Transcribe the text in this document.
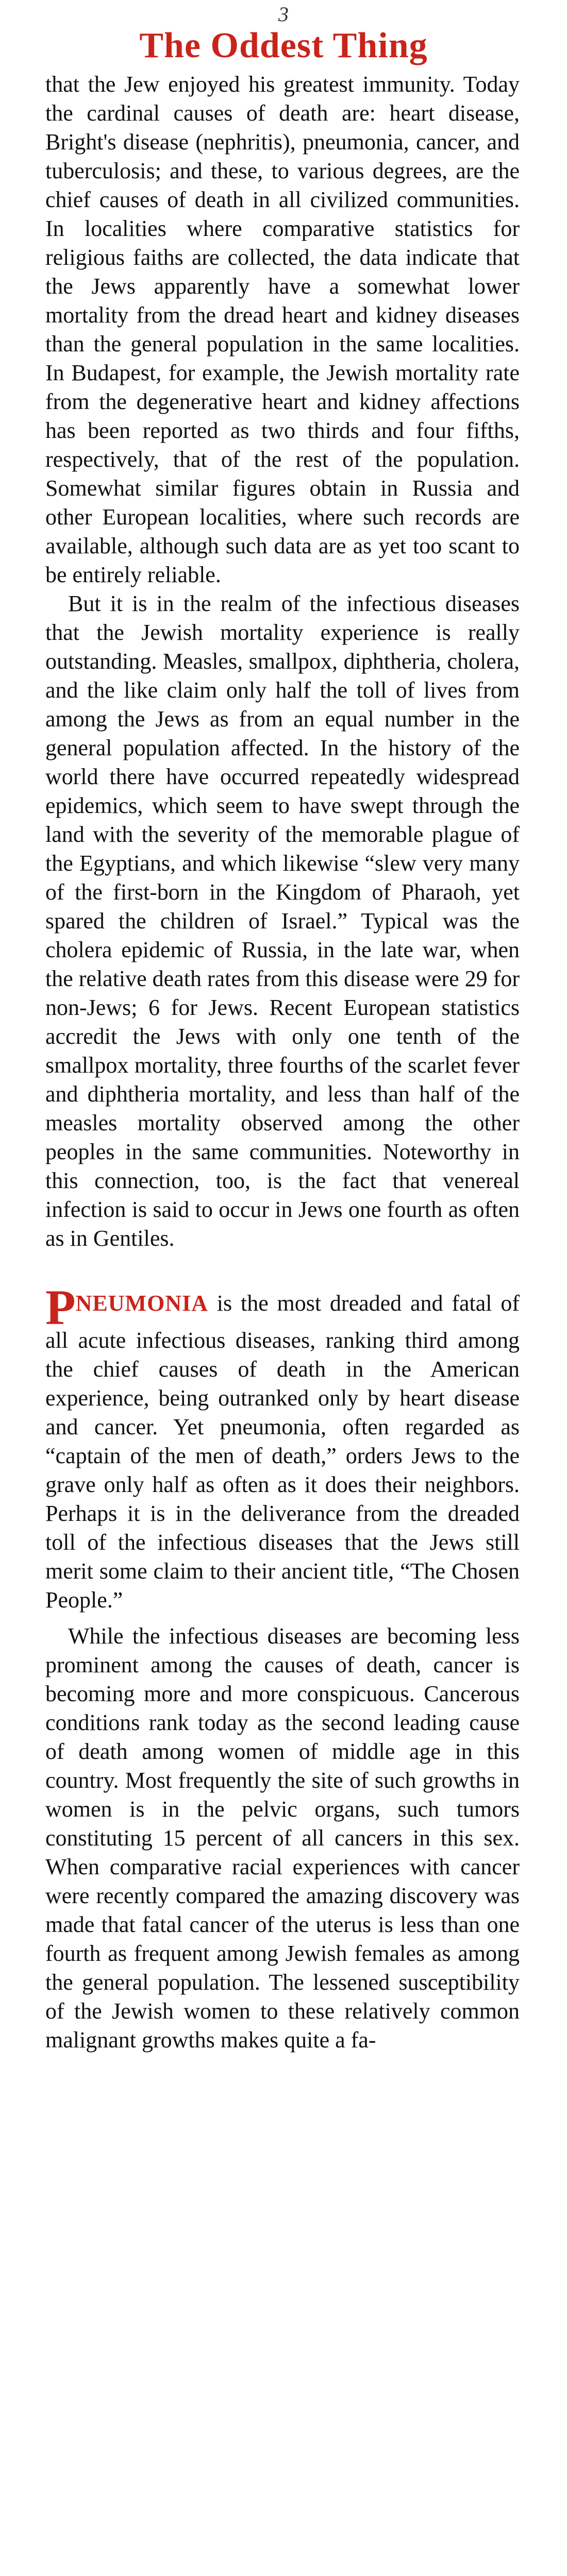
3
The Oddest Thing

that the Jew enjoyed his greatest immunity. Today the cardinal causes of death are: heart disease, Bright's disease (nephritis), pneumonia, cancer, and tuberculosis; and these, to various degrees, are the chief causes of death in all civilized communities. In localities where comparative statistics for religious faiths are collected, the data indicate that the Jews apparently have a somewhat lower mortality from the dread heart and kidney diseases than the general population in the same localities. In Budapest, for example, the Jewish mortality rate from the degenerative heart and kidney affections has been reported as two thirds and four fifths, respectively, that of the rest of the population. Somewhat similar figures obtain in Russia and other European localities, where such records are available, although such data are as yet too scant to be entirely reliable.

But it is in the realm of the infectious diseases that the Jewish mortality experience is really outstanding. Measles, smallpox, diphtheria, cholera, and the like claim only half the toll of lives from among the Jews as from an equal number in the general population affected. In the history of the world there have occurred repeatedly widespread epidemics, which seem to have swept through the land with the severity of the memorable plague of the Egyptians, and which likewise “slew very many of the first-born in the Kingdom of Pharaoh, yet spared the children of Israel.” Typical was the cholera epidemic of Russia, in the late war, when the relative death rates from this disease were 29 for non-Jews; 6 for Jews. Recent European statistics accredit the Jews with only one tenth of the smallpox mortality, three fourths of the scarlet fever and diphtheria mortality, and less than half of the measles mortality observed among the other peoples in the same communities. Noteworthy in this connection, too, is the fact that venereal infection is said to occur in Jews one fourth as often as in Gentiles.

PNEUMONIA is the most dreaded and fatal of all acute infectious diseases, ranking third among the chief causes of death in the American experience, being outranked only by heart disease and cancer. Yet pneumonia, often regarded as “captain of the men of death,” orders Jews to the grave only half as often as it does their neighbors. Perhaps it is in the deliverance from the dreaded toll of the infectious diseases that the Jews still merit some claim to their ancient title, “The Chosen People.”

While the infectious diseases are becoming less prominent among the causes of death, cancer is becoming more and more conspicuous. Cancerous conditions rank today as the second leading cause of death among women of middle age in this country. Most frequently the site of such growths in women is in the pelvic organs, such tumors constituting 15 percent of all cancers in this sex. When comparative racial experiences with cancer were recently compared the amazing discovery was made that fatal cancer of the uterus is less than one fourth as frequent among Jewish females as among the general population. The lessened susceptibility of the Jewish women to these relatively common malignant growths makes quite a fa-
